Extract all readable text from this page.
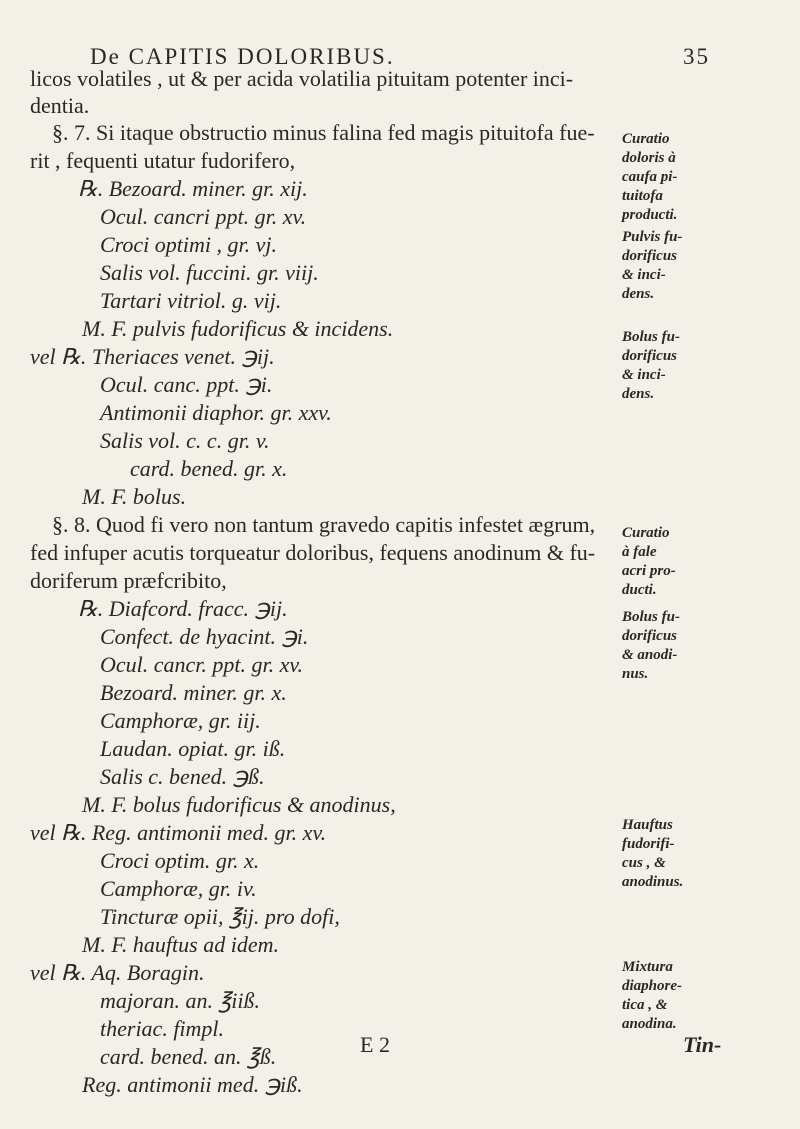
De CAPITIS DOLORIBUS.	35
licos volatiles , ut & per acida volatilia pituitam potenter inci-
dentia.
§. 7. Si itaque obstructio minus falina fed magis pituitofa fue-
rit , fequenti utatur fudorifero,
℞. Bezoard. miner. gr. xij.
Ocul. cancri ppt. gr. xv.
Croci optimi , gr. vj.
Salis vol. fuccini. gr. viij.
Tartari vitriol. g. vij.
M. F. pulvis fudorificus & incidens.
vel ℞. Theriaces venet. ℈ij.
Ocul. canc. ppt. ℈i.
Antimonii diaphor. gr. xxv.
Salis vol. c. c. gr. v.
card. bened. gr. x.
M. F. bolus.
§. 8. Quod fi vero non tantum gravedo capitis infestet ægrum,
fed infuper acutis torqueatur doloribus, fequens anodinum & fu-
doriferum præfcribito,
℞. Diafcord. fracc. ℈ij.
Confect. de hyacint. ℈i.
Ocul. cancr. ppt. gr. xv.
Bezoard. miner. gr. x.
Camphoræ, gr. iij.
Laudan. opiat. gr. iß.
Salis c. bened. ℈ß.
M. F. bolus fudorificus & anodinus,
vel ℞. Reg. antimonii med. gr. xv.
Croci optim. gr. x.
Camphoræ, gr. iv.
Tincturæ opii, ℥ij. pro dofi,
M. F. hauftus ad idem.
vel ℞. Aq. Boragin.
majoran. an. ℥iiß.
theriac. fimpl.
card. bened. an. ℥ß.
Reg. antimonii med. ℈iß.
Curatio
doloris à
caufa pi-
tuitofa
producti.
Pulvis fu-
dorificus
& inci-
dens.
Bolus fu-
dorificus
& inci-
dens.
Curatio
à fale
acri pro-
ducti.
Bolus fu-
dorificus
& anodi-
nus.
Hauftus
fudorifi-
cus , &
anodinus.
Mixtura
diaphore-
tica , &
anodina.
E 2	Tin-
